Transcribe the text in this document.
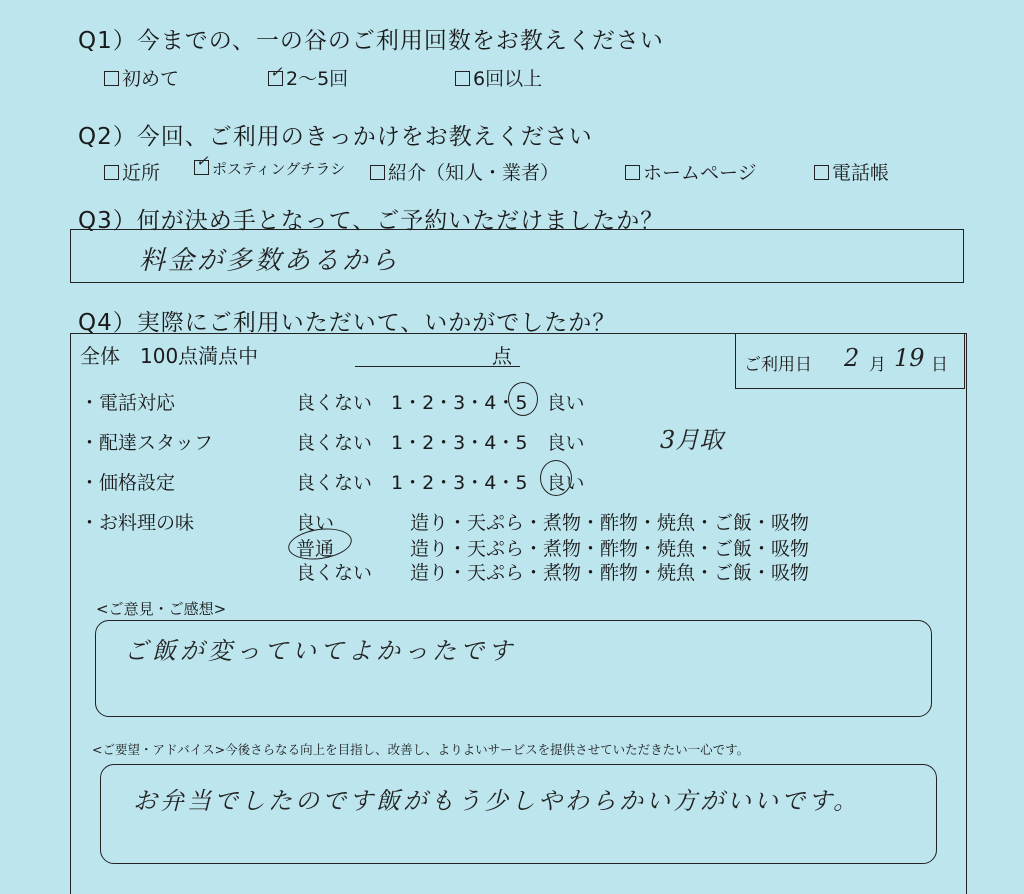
Q1）今までの、一の谷のご利用回数をお教えください
初めて	✓ 2～5回	6回以上
Q2）今回、ご利用のきっかけをお教えください
近所
✓ ポスティングチラシ	紹介（知人・業者）	ホームページ	電話帳
Q3）何が決め手となって、ご予約いただけましたか？
料金が多数あるから
Q4）実際にご利用いただいて、いかがでしたか？
全体　100点満点中	点	ご利用日 2 月 19 日
・電話対応	良くない　1・2・3・4・5　良い
・配達スタッフ	良くない　1・2・3・4・5　良い	3月取
・価格設定	良くない　1・2・3・4・5　良い
・お料理の味	良い	造り・天ぷら・煮物・酢物・焼魚・ご飯・吸物
普通	造り・天ぷら・煮物・酢物・焼魚・ご飯・吸物
良くない 造り・天ぷら・煮物・酢物・焼魚・ご飯・吸物
<ご意見・ご感想>
ご飯が変っていてよかったです
<ご要望・アドバイス>今後さらなる向上を目指し、改善し、よりよいサービスを提供させていただきたい一心です。
お弁当でしたのです飯がもう少しやわらかい方がいいです。
